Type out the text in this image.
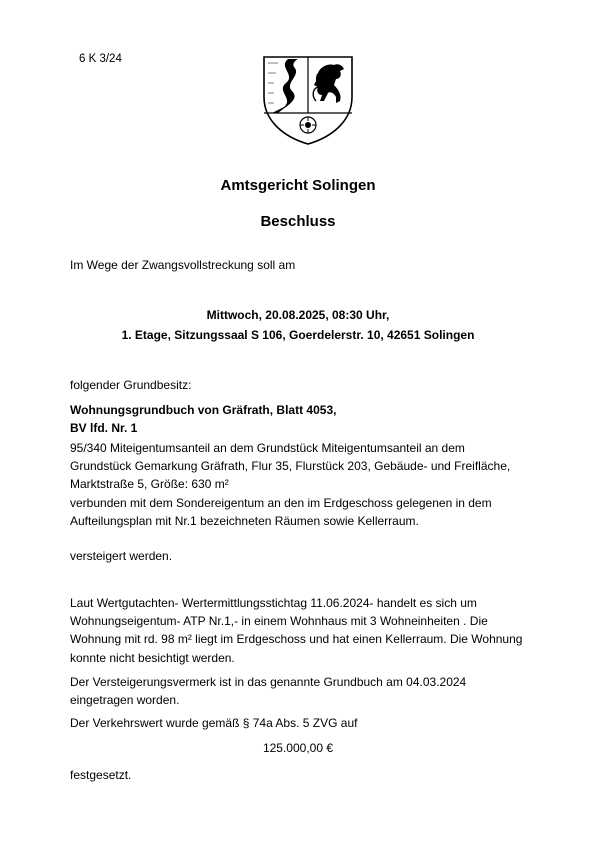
6 K 3/24
Amtsgericht Solingen
Beschluss
Im Wege der Zwangsvollstreckung soll am
Mittwoch, 20.08.2025, 08:30 Uhr,
1. Etage, Sitzungssaal S 106, Goerdelerstr. 10, 42651 Solingen
folgender Grundbesitz:
Wohnungsgrundbuch von Gräfrath, Blatt 4053,
BV lfd. Nr. 1
95/340 Miteigentumsanteil an dem Grundstück Miteigentumsanteil an dem
Grundstück Gemarkung Gräfrath, Flur 35, Flurstück 203, Gebäude- und Freifläche,
Marktstraße 5, Größe: 630 m²
verbunden mit dem Sondereigentum an den im Erdgeschoss gelegenen in dem
Aufteilungsplan mit Nr.1 bezeichneten Räumen sowie Kellerraum.
versteigert werden.
Laut Wertgutachten- Wertermittlungsstichtag 11.06.2024- handelt es sich um
Wohnungseigentum- ATP Nr.1,- in einem Wohnhaus mit 3 Wohneinheiten . Die
Wohnung mit rd. 98 m² liegt im Erdgeschoss und hat einen Kellerraum. Die Wohnung
konnte nicht besichtigt werden.
Der Versteigerungsvermerk ist in das genannte Grundbuch am 04.03.2024
eingetragen worden.
Der Verkehrswert wurde gemäß § 74a Abs. 5 ZVG auf
125.000,00 €
festgesetzt.
